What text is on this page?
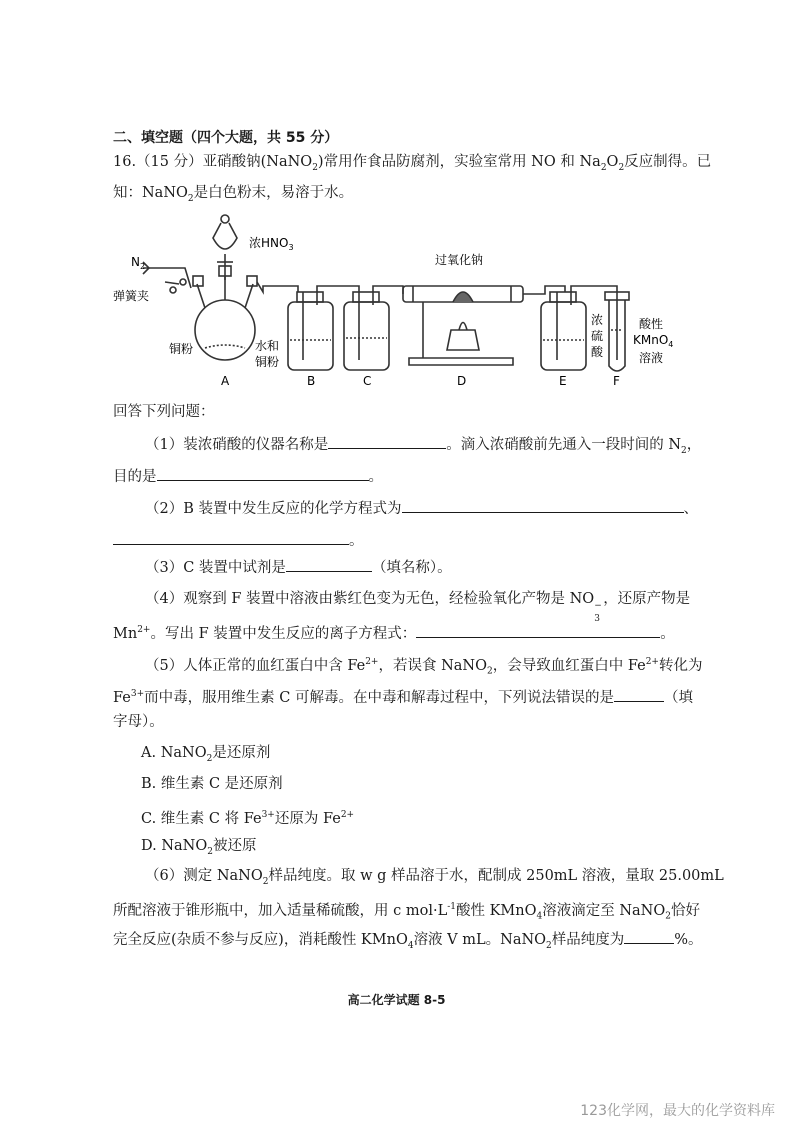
二、填空题（四个大题，共 55 分）
16.（15 分）亚硝酸钠(NaNO$_2$)常用作食品防腐剂，实验室常用 NO 和 $Na_2O_2$反应制得。已
知：NaNO$_2$是白色粉末，易溶于水。
$N_2$
弹簧夹
浓$HNO_3$
铜粉	水和
铜粉
过氧化钠
浓
硫
酸
酸性
KMnO$_4$
溶液
A	B	C	D	E	F
回答下列问题：
（1）装浓硝酸的仪器名称是	。滴入浓硝酸前先通入一段时间的 $N_2$，
目的是	。
（2）B 装置中发生反应的化学方程式为	、
。
（3）C 装置中试剂是	（填名称）。
（4）观察到 F 装置中溶液由紫红色变为无色，经检验氧化产物是 NO −
3
，还原产物是
$Mn^{2+}$。写出 F 装置中发生反应的离子方程式：	。
（5）人体正常的血红蛋白中含 $Fe^{2+}$，若误食 NaNO$_2$，会导致血红蛋白中 $Fe^{2+}$转化为
$Fe^{3+}$而中毒，服用维生素 C 可解毒。在中毒和解毒过程中，下列说法错误的是	（填
字母）。
A. NaNO$_2$是还原剂
B. 维生素 C 是还原剂
C. 维生素 C 将 $Fe^{3+}$还原为 $Fe^{2+}$
D. NaNO$_2$被还原
（6）测定 NaNO$_2$样品纯度。取 w g 样品溶于水，配制成 250mL 溶液，量取 25.00mL
所配溶液于锥形瓶中，加入适量稀硫酸，用 c $mol\cdot L^{-1}$酸性 KMnO$_4$溶液滴定至 NaNO$_2$恰好
完全反应(杂质不参与反应)，消耗酸性 KMnO$_4$溶液 V mL。NaNO$_2$样品纯度为	%。
高二化学试题 8-5
123化学网，最大的化学资料库
